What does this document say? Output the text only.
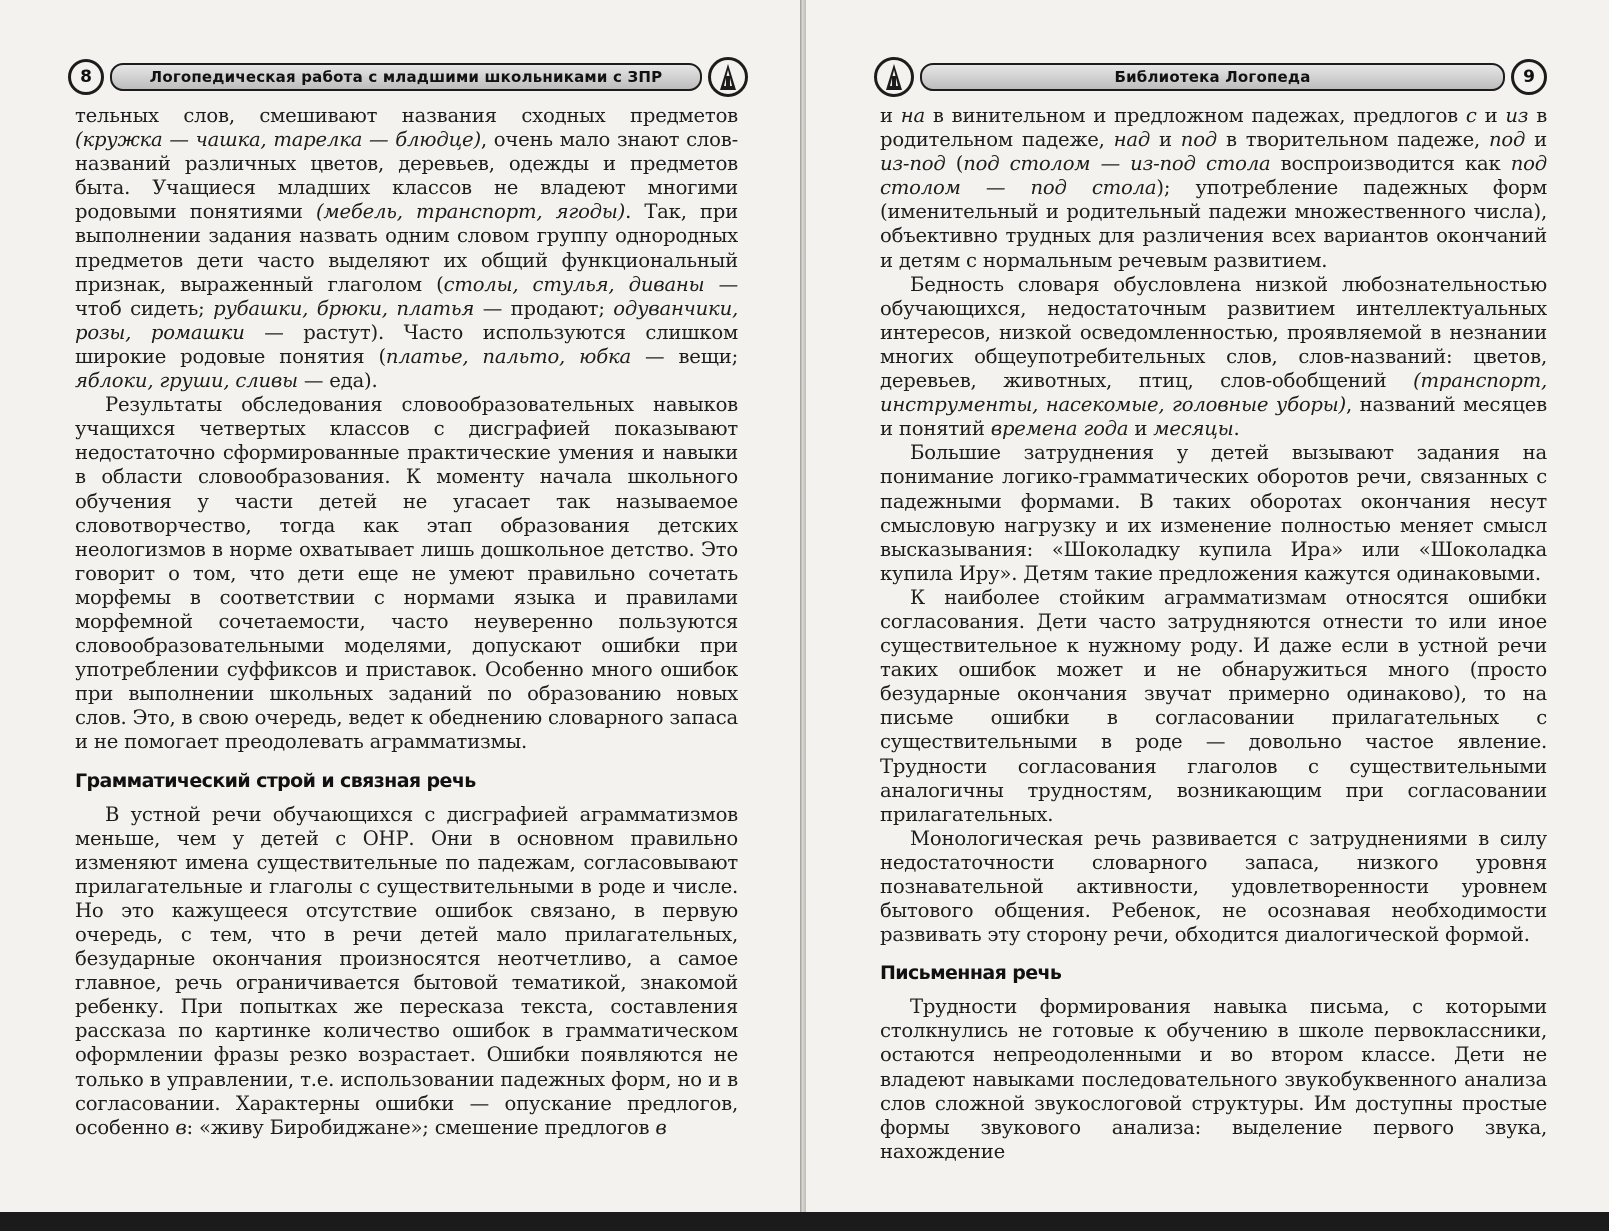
8	Логопедическая работа с младшими школьниками с ЗПР

тельных слов, смешивают названия сходных предметов (кружка — чашка, тарелка — блюдце), очень мало знают слов-названий различных цветов, деревьев, одежды и предметов быта. Учащиеся младших классов не владеют многими родовыми понятиями (мебель, транспорт, ягоды). Так, при выполнении задания назвать одним словом группу однородных предметов дети часто выделяют их общий функциональный признак, выраженный глаголом (столы, стулья, диваны — чтоб сидеть; рубашки, брюки, платья — продают; одуванчики, розы, ромашки — растут). Часто используются слишком широкие родовые понятия (платье, пальто, юбка — вещи; яблоки, груши, сливы — еда).

Результаты обследования словообразовательных навыков учащихся четвертых классов с дисграфией показывают недостаточно сформированные практические умения и навыки в области словообразования. К моменту начала школьного обучения у части детей не угасает так называемое словотворчество, тогда как этап образования детских неологизмов в норме охватывает лишь дошкольное детство. Это говорит о том, что дети еще не умеют правильно сочетать морфемы в соответствии с нормами языка и правилами морфемной сочетаемости, часто неуверенно пользуются словообразовательными моделями, допускают ошибки при употреблении суффиксов и приставок. Особенно много ошибок при выполнении школьных заданий по образованию новых слов. Это, в свою очередь, ведет к обеднению словарного запаса и не помогает преодолевать аграмматизмы.

Грамматический строй и связная речь

В устной речи обучающихся с дисграфией аграмматизмов меньше, чем у детей с ОНР. Они в основном правильно изменяют имена существительные по падежам, согласовывают прилагательные и глаголы с существительными в роде и числе. Но это кажущееся отсутствие ошибок связано, в первую очередь, с тем, что в речи детей мало прилагательных, безударные окончания произносятся неотчетливо, а самое главное, речь ограничивается бытовой тематикой, знакомой ребенку. При попытках же пересказа текста, составления рассказа по картинке количество ошибок в грамматическом оформлении фразы резко возрастает. Ошибки появляются не только в управлении, т.е. использовании падежных форм, но и в согласовании. Характерны ошибки — опускание предлогов, особенно в: «живу Биробиджане»; смешение предлогов в

Библиотека Логопеда	9

и на в винительном и предложном падежах, предлогов с и из в родительном падеже, над и под в творительном падеже, под и из-под (под столом — из-под стола воспроизводится как под столом — под стола); употребление падежных форм (именительный и родительный падежи множественного числа), объективно трудных для различения всех вариантов окончаний и детям с нормальным речевым развитием.

Бедность словаря обусловлена низкой любознательностью обучающихся, недостаточным развитием интеллектуальных интересов, низкой осведомленностью, проявляемой в незнании многих общеупотребительных слов, слов-названий: цветов, деревьев, животных, птиц, слов-обобщений (транспорт, инструменты, насекомые, головные уборы), названий месяцев и понятий времена года и месяцы.

Большие затруднения у детей вызывают задания на понимание логико-грамматических оборотов речи, связанных с падежными формами. В таких оборотах окончания несут смысловую нагрузку и их изменение полностью меняет смысл высказывания: «Шоколадку купила Ира» или «Шоколадка купила Иру». Детям такие предложения кажутся одинаковыми.

К наиболее стойким аграмматизмам относятся ошибки согласования. Дети часто затрудняются отнести то или иное существительное к нужному роду. И даже если в устной речи таких ошибок может и не обнаружиться много (просто безударные окончания звучат примерно одинаково), то на письме ошибки в согласовании прилагательных с существительными в роде — довольно частое явление. Трудности согласования глаголов с существительными аналогичны трудностям, возникающим при согласовании прилагательных.

Монологическая речь развивается с затруднениями в силу недостаточности словарного запаса, низкого уровня познавательной активности, удовлетворенности уровнем бытового общения. Ребенок, не осознавая необходимости развивать эту сторону речи, обходится диалогической формой.

Письменная речь

Трудности формирования навыка письма, с которыми столкнулись не готовые к обучению в школе первоклассники, остаются непреодоленными и во втором классе. Дети не владеют навыками последовательного звукобуквенного анализа слов сложной звукослоговой структуры. Им доступны простые формы звукового анализа: выделение первого звука, нахождение
